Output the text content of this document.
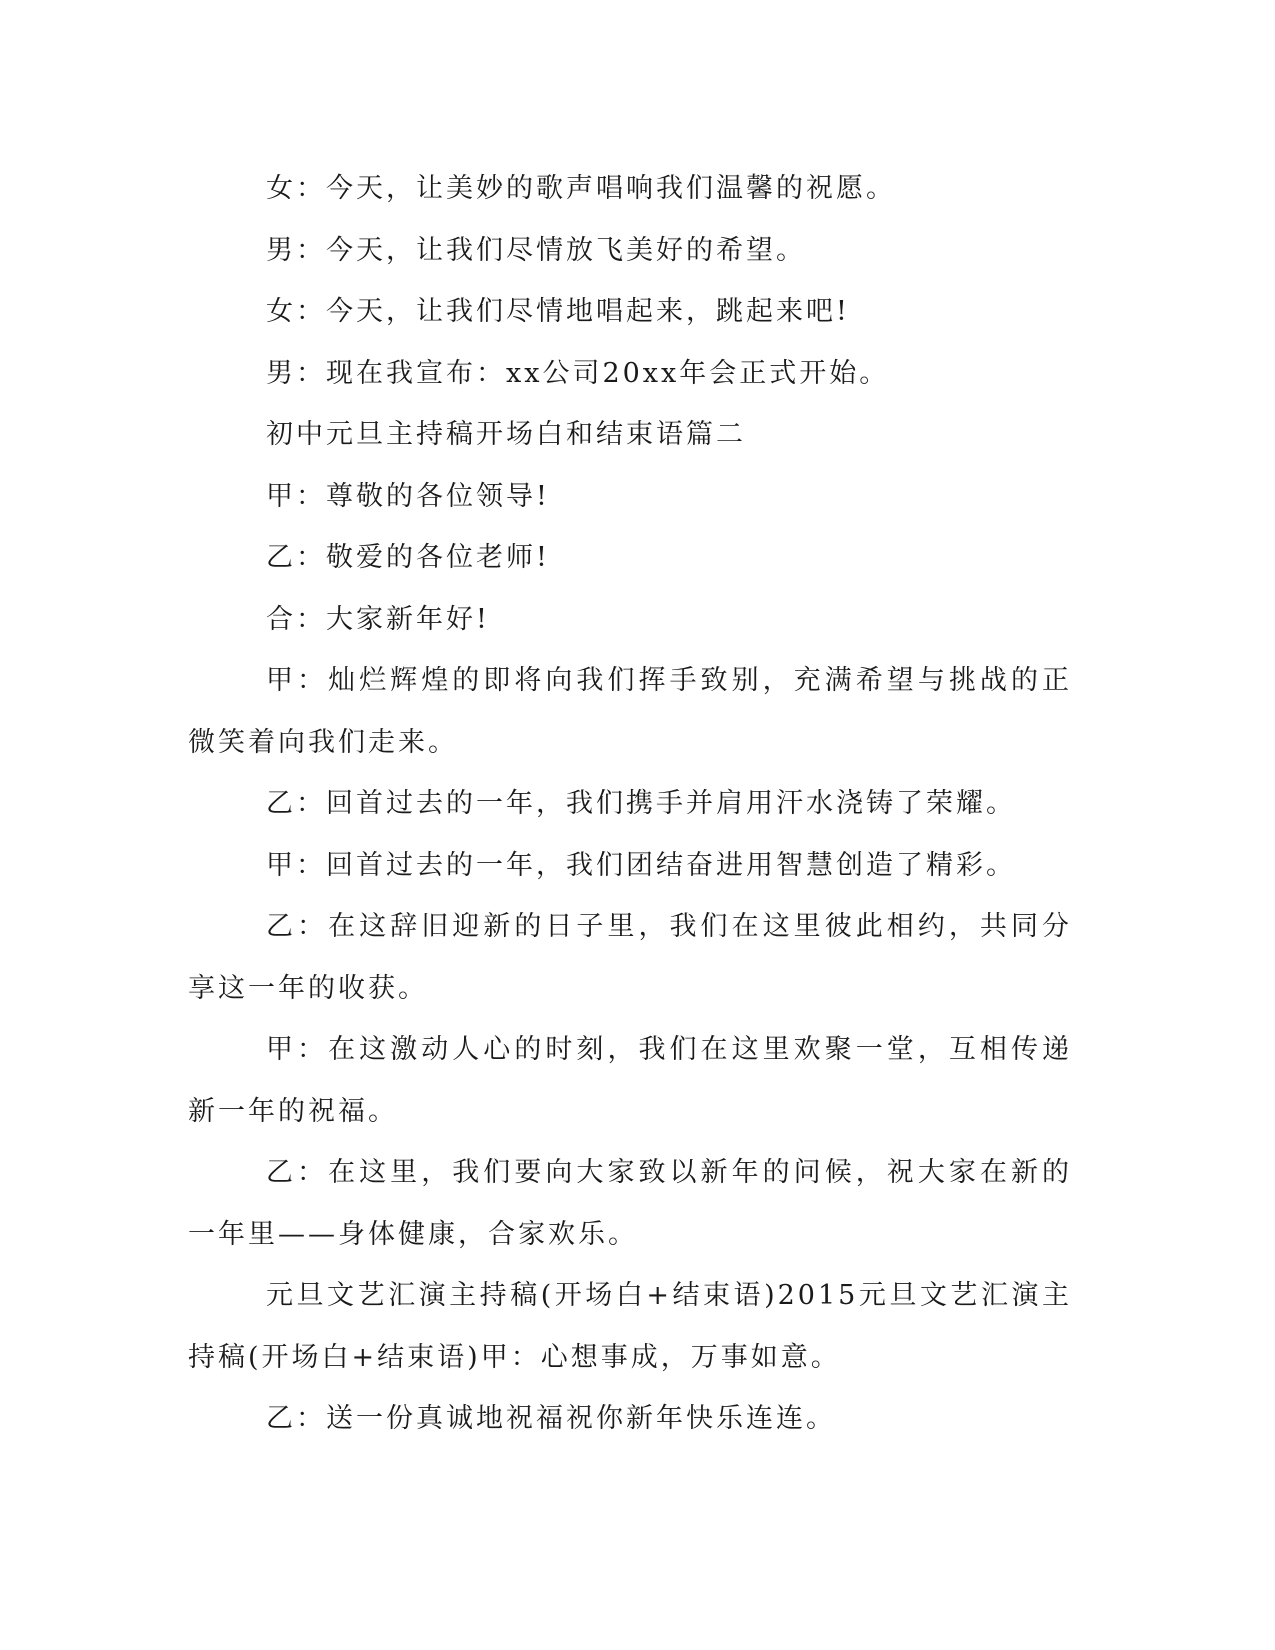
女：今天，让美妙的歌声唱响我们温馨的祝愿。

男：今天，让我们尽情放飞美好的希望。

女：今天，让我们尽情地唱起来，跳起来吧!

男：现在我宣布：xx公司20xx年会正式开始。

初中元旦主持稿开场白和结束语篇二

甲：尊敬的各位领导!

乙：敬爱的各位老师!

合：大家新年好!

甲：灿烂辉煌的即将向我们挥手致别，充满希望与挑战的正微笑着向我们走来。

乙：回首过去的一年，我们携手并肩用汗水浇铸了荣耀。

甲：回首过去的一年，我们团结奋进用智慧创造了精彩。

乙：在这辞旧迎新的日子里，我们在这里彼此相约，共同分享这一年的收获。

甲：在这激动人心的时刻，我们在这里欢聚一堂，互相传递新一年的祝福。

乙：在这里，我们要向大家致以新年的问候，祝大家在新的一年里——身体健康，合家欢乐。

元旦文艺汇演主持稿(开场白+结束语)2015元旦文艺汇演主持稿(开场白+结束语)甲：心想事成，万事如意。

乙：送一份真诚地祝福祝你新年快乐连连。
